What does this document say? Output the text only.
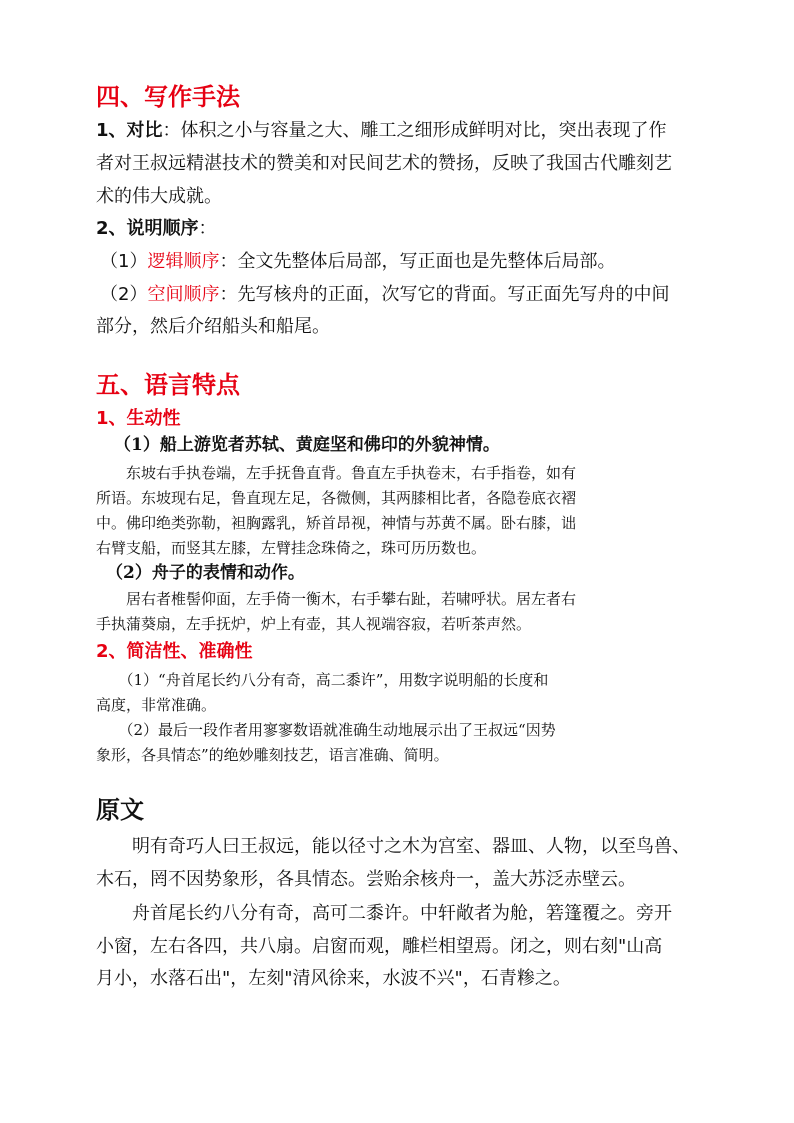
四、写作手法

1、对比：体积之小与容量之大、雕工之细形成鲜明对比，突出表现了作

者对王叔远精湛技术的赞美和对民间艺术的赞扬，反映了我国古代雕刻艺

术的伟大成就。

2、说明顺序：

（1）逻辑顺序：全文先整体后局部，写正面也是先整体后局部。

（2）空间顺序：先写核舟的正面，次写它的背面。写正面先写舟的中间

部分，然后介绍船头和船尾。

五、语言特点

1、生动性

（1）船上游览者苏轼、黄庭坚和佛印的外貌神情。

　　东坡右手执卷端，左手抚鲁直背。鲁直左手执卷末，右手指卷，如有

所语。东坡现右足，鲁直现左足，各微侧，其两膝相比者，各隐卷底衣褶

中。佛印绝类弥勒，袒胸露乳，矫首昂视，神情与苏黄不属。卧右膝，诎

右臂支船，而竖其左膝，左臂挂念珠倚之，珠可历历数也。

（2）舟子的表情和动作。

　　居右者椎髻仰面，左手倚一衡木，右手攀右趾，若啸呼状。居左者右

手执蒲葵扇，左手抚炉，炉上有壶，其人视端容寂，若听茶声然。

2、简洁性、准确性

　　（1）“舟首尾长约八分有奇，高二黍许”，用数字说明船的长度和

高度，非常准确。

　　（2）最后一段作者用寥寥数语就准确生动地展示出了王叔远“因势

象形，各具情态”的绝妙雕刻技艺，语言准确、简明。

原文

　　明有奇巧人曰王叔远，能以径寸之木为宫室、器皿、人物，以至鸟兽、

木石，罔不因势象形，各具情态。尝贻余核舟一，盖大苏泛赤壁云。

　　舟首尾长约八分有奇，高可二黍许。中轩敞者为舱，箬篷覆之。旁开

小窗，左右各四，共八扇。启窗而观，雕栏相望焉。闭之，则右刻"山高

月小，水落石出"，左刻"清风徐来，水波不兴"，石青糁之。
